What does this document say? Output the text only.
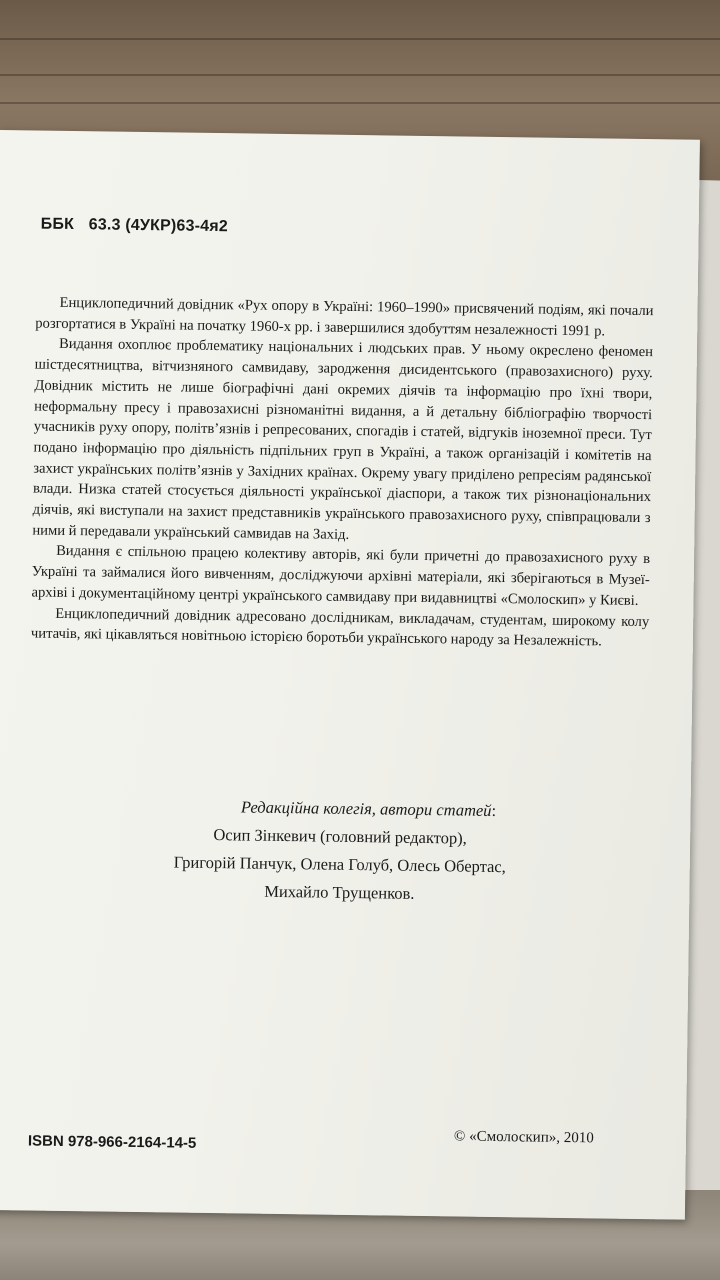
ББК 63.3 (4УКР)63-4я2

Енциклопедичний довідник «Рух опору в Україні: 1960–1990» присвячений подіям, які почали розгортатися в Україні на початку 1960-х рр. і завершилися здобуттям незалежності 1991 р.

Видання охоплює проблематику національних і людських прав. У ньому окреслено феномен шістдесятництва, вітчизняного самвидаву, зародження дисидентського (правозахисного) руху. Довідник містить не лише біографічні дані окремих діячів та інформацію про їхні твори, неформальну пресу і правозахисні різноманітні видання, а й детальну бібліографію творчості учасників руху опору, політв’язнів і репресованих, спогадів і статей, відгуків іноземної преси. Тут подано інформацію про діяльність підпільних груп в Україні, а також організацій і комітетів на захист українських політв’язнів у Західних країнах. Окрему увагу приділено репресіям радянської влади. Низка статей стосується діяльності української діаспори, а також тих різнонаціональних діячів, які виступали на захист представників українського правозахисного руху, співпрацювали з ними й передавали український самвидав на Захід.

Видання є спільною працею колективу авторів, які були причетні до правозахисного руху в Україні та займалися його вивченням, досліджуючи архівні матеріали, які зберігаються в Музеї-архіві і документаційному центрі українського самвидаву при видавництві «Смолоскип» у Києві.

Енциклопедичний довідник адресовано дослідникам, викладачам, студентам, широкому колу читачів, які цікавляться новітньою історією боротьби українського народу за Незалежність.

Редакційна колегія, автори статей:
Осип Зінкевич (головний редактор),
Григорій Панчук, Олена Голуб, Олесь Обертас,
Михайло Трущенков.
ISBN 978-966-2164-14-5	© «Смолоскип», 2010
